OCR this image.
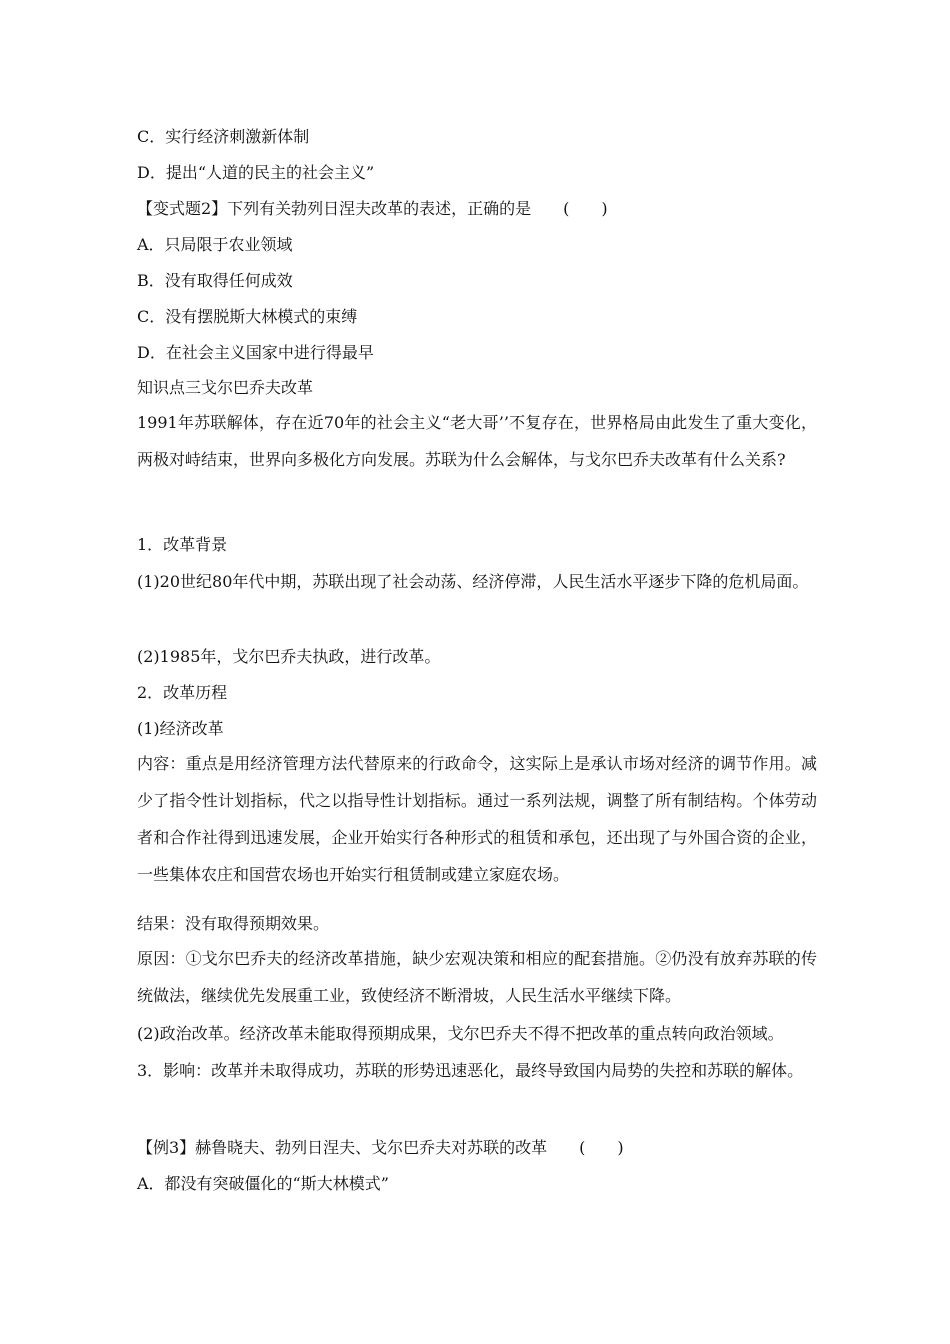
C．实行经济刺激新体制
D．提出“人道的民主的社会主义”
【变式题2】下列有关勃列日涅夫改革的表述，正确的是　　(　　)
A．只局限于农业领域
B．没有取得任何成效
C．没有摆脱斯大林模式的束缚
D．在社会主义国家中进行得最早
知识点三戈尔巴乔夫改革
1991年苏联解体，存在近70年的社会主义“老大哥’’不复存在，世界格局由此发生了重大变化，两极对峙结束，世界向多极化方向发展。苏联为什么会解体，与戈尔巴乔夫改革有什么关系?
1．改革背景
(1)20世纪80年代中期，苏联出现了社会动荡、经济停滞，人民生活水平逐步下降的危机局面。
(2)1985年，戈尔巴乔夫执政，进行改革。
2．改革历程
(1)经济改革
内容：重点是用经济管理方法代替原来的行政命令，这实际上是承认市场对经济的调节作用。减少了指令性计划指标，代之以指导性计划指标。通过一系列法规，调整了所有制结构。个体劳动者和合作社得到迅速发展，企业开始实行各种形式的租赁和承包，还出现了与外国合资的企业，一些集体农庄和国营农场也开始实行租赁制或建立家庭农场。
结果：没有取得预期效果。
原因：①戈尔巴乔夫的经济改革措施，缺少宏观决策和相应的配套措施。②仍没有放弃苏联的传统做法，继续优先发展重工业，致使经济不断滑坡，人民生活水平继续下降。
(2)政治改革。经济改革未能取得预期成果，戈尔巴乔夫不得不把改革的重点转向政治领域。
3．影响：改革并未取得成功，苏联的形势迅速恶化，最终导致国内局势的失控和苏联的解体。
【例3】赫鲁晓夫、勃列日涅夫、戈尔巴乔夫对苏联的改革　　(　　)
A．都没有突破僵化的“斯大林模式”
